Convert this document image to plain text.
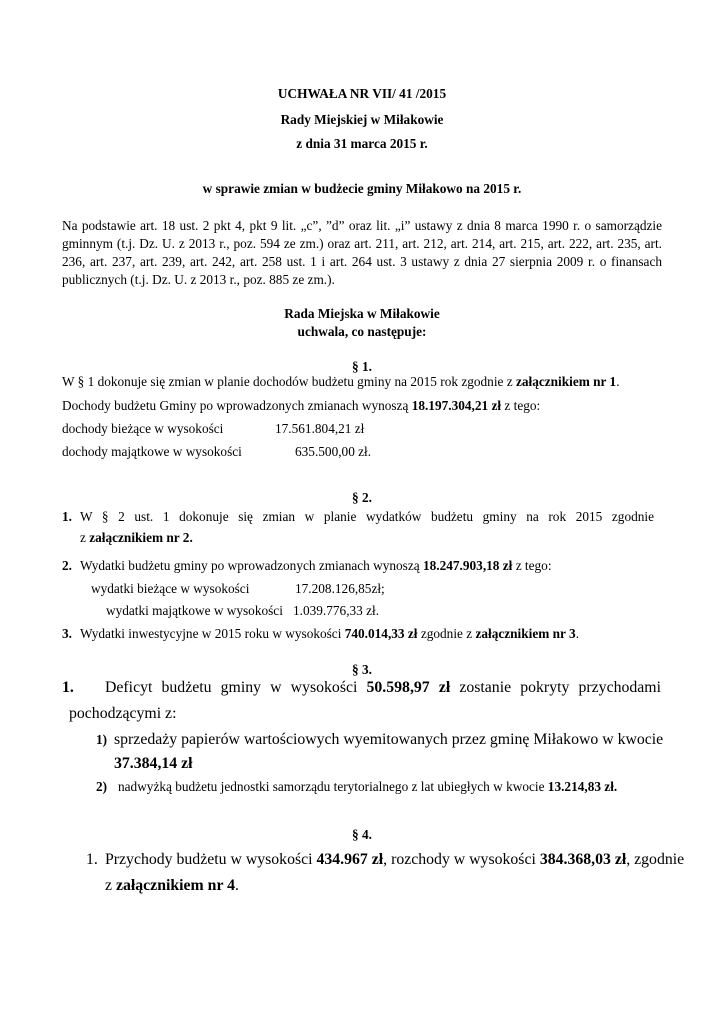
UCHWAŁA NR VII/ 41 /2015
Rady Miejskiej w Miłakowie
z dnia 31 marca 2015 r.
w sprawie zmian w budżecie gminy Miłakowo na 2015 r.
Na podstawie art. 18 ust. 2 pkt 4, pkt 9 lit. „c”, ”d” oraz lit. „i” ustawy z dnia 8 marca 1990 r. o samorządzie
gminnym (t.j. Dz. U. z 2013 r., poz. 594 ze zm.) oraz art. 211, art. 212, art. 214, art. 215, art. 222, art. 235, art.
236, art. 237, art. 239, art. 242, art. 258 ust. 1 i art. 264 ust. 3 ustawy z dnia 27 sierpnia 2009 r. o finansach
publicznych (t.j. Dz. U. z 2013 r., poz. 885 ze zm.).
Rada Miejska w Miłakowie
uchwala, co następuje:
§ 1.
W § 1 dokonuje się zmian w planie dochodów budżetu gminy na 2015 rok zgodnie z załącznikiem nr 1.
Dochody budżetu Gminy po wprowadzonych zmianach wynoszą 18.197.304,21 zł z tego:
dochody bieżące w wysokości	17.561.804,21 zł
dochody majątkowe w wysokości	635.500,00 zł.
§ 2.
1. W § 2 ust. 1 dokonuje się zmian w planie wydatków budżetu gminy na rok 2015 zgodnie
z załącznikiem nr 2.
2. Wydatki budżetu gminy po wprowadzonych zmianach wynoszą 18.247.903,18 zł z tego:
wydatki bieżące w wysokości	17.208.126,85zł;
wydatki majątkowe w wysokości 1.039.776,33 zł.
3. Wydatki inwestycyjne w 2015 roku w wysokości 740.014,33 zł zgodnie z załącznikiem nr 3.
§ 3.
1. Deficyt budżetu gminy w wysokości 50.598,97 zł zostanie pokryty przychodami
pochodzącymi z:
1) sprzedaży papierów wartościowych wyemitowanych przez gminę Miłakowo w kwocie
37.384,14 zł
2) nadwyżką budżetu jednostki samorządu terytorialnego z lat ubiegłych w kwocie 13.214,83 zł.
§ 4.
1. Przychody budżetu w wysokości 434.967 zł, rozchody w wysokości 384.368,03 zł, zgodnie
z załącznikiem nr 4.
